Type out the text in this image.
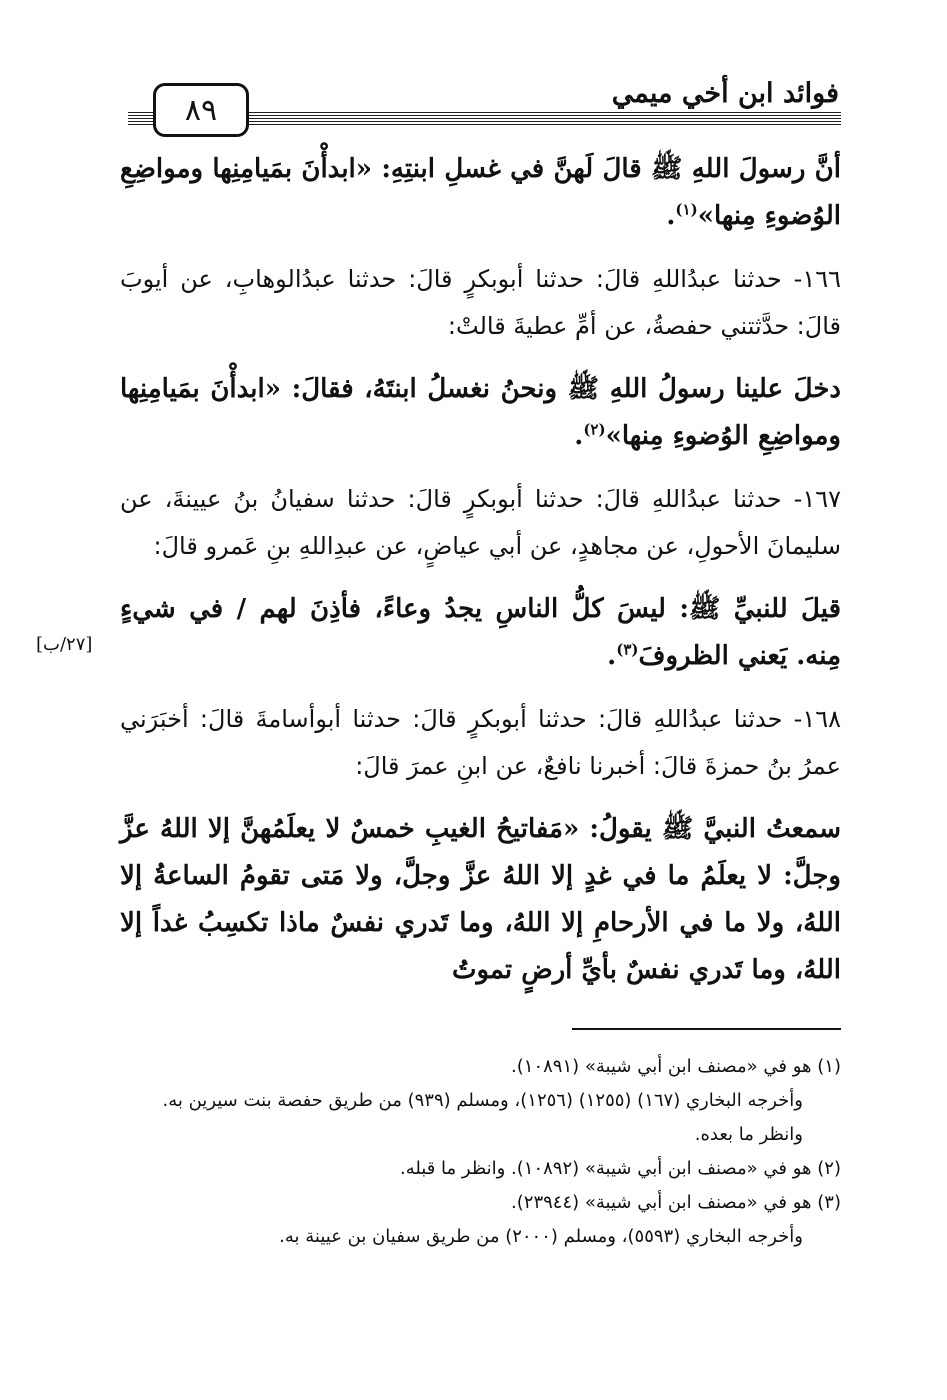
فوائد ابن أخي ميمي
٨٩
[٢٧/ب]

أنَّ رسولَ اللهِ ﷺ قالَ لَهنَّ في غسلِ ابنتِهِ: «ابدأْنَ بمَيامِنِها ومواضِعِ الوُضوءِ مِنها»$^{(١)}$.

١٦٦- حدثنا عبدُاللهِ قالَ: حدثنا أبوبكرٍ قالَ: حدثنا عبدُالوهابِ، عن أيوبَ قالَ: حدَّثتني حفصةُ، عن أمِّ عطيةَ قالتْ:

دخلَ علينا رسولُ اللهِ ﷺ ونحنُ نغسلُ ابنتَهُ، فقالَ: «ابدأْنَ بمَيامِنِها ومواضِعِ الوُضوءِ مِنها»$^{(٢)}$.

١٦٧- حدثنا عبدُاللهِ قالَ: حدثنا أبوبكرٍ قالَ: حدثنا سفيانُ بنُ عيينةَ، عن سليمانَ الأحولِ، عن مجاهدٍ، عن أبي عياضٍ، عن عبدِاللهِ بنِ عَمرو قالَ:

قيلَ للنبيِّ ﷺ: ليسَ كلُّ الناسِ يجدُ وعاءً، فأذِنَ لهم / في شيءٍ مِنه. يَعني الظروفَ$^{(٣)}$.

١٦٨- حدثنا عبدُاللهِ قالَ: حدثنا أبوبكرٍ قالَ: حدثنا أبوأسامةَ قالَ: أخبَرَني عمرُ بنُ حمزةَ قالَ: أخبرنا نافعٌ، عن ابنِ عمرَ قالَ:

سمعتُ النبيَّ ﷺ يقولُ: «مَفاتيحُ الغيبِ خمسٌ لا يعلَمُهنَّ إلا اللهُ عزَّ وجلَّ: لا يعلَمُ ما في غدٍ إلا اللهُ عزَّ وجلَّ، ولا مَتى تقومُ الساعةُ إلا اللهُ، ولا ما في الأرحامِ إلا اللهُ، وما تَدري نفسٌ ماذا تكسِبُ غداً إلا اللهُ، وما تَدري نفسٌ بأيِّ أرضٍ تموتُ

(١) هو في «مصنف ابن أبي شيبة» (١٠٨٩١).

وأخرجه البخاري (١٦٧) (١٢٥٥) (١٢٥٦)، ومسلم (٩٣٩) من طريق حفصة بنت سيرين به. وانظر ما بعده.

(٢) هو في «مصنف ابن أبي شيبة» (١٠٨٩٢). وانظر ما قبله.

(٣) هو في «مصنف ابن أبي شيبة» (٢٣٩٤٤).

وأخرجه البخاري (٥٥٩٣)، ومسلم (٢٠٠٠) من طريق سفيان بن عيينة به.
